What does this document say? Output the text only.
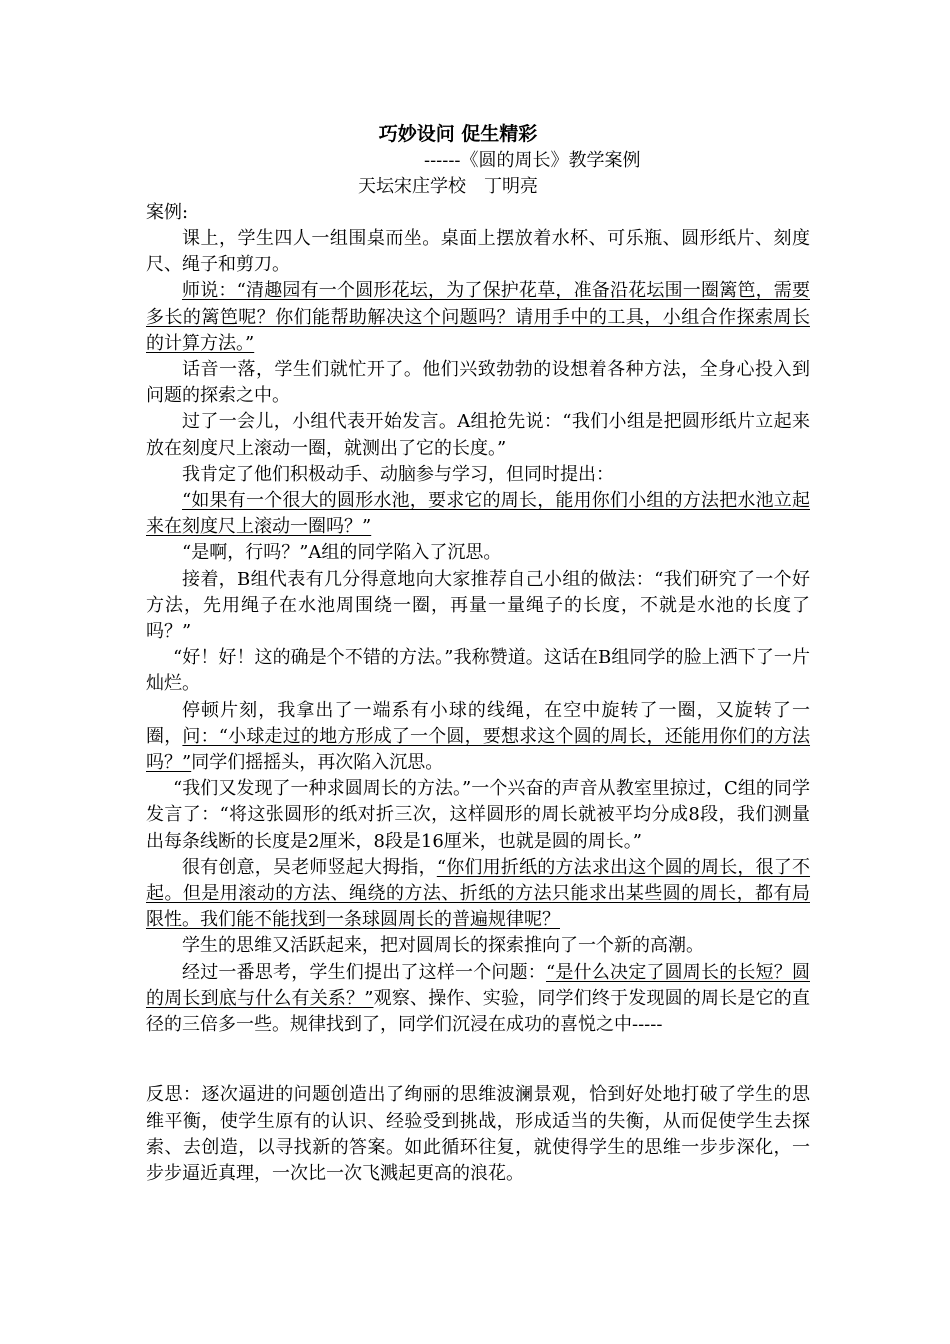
巧妙设问 促生精彩
------《圆的周长》教学案例
天坛宋庄学校　丁明亮
案例:

课上，学生四人一组围桌而坐。桌面上摆放着水杯、可乐瓶、圆形纸片、刻度尺、绳子和剪刀。

师说：“清趣园有一个圆形花坛，为了保护花草，准备沿花坛围一圈篱笆，需要多长的篱笆呢？你们能帮助解决这个问题吗？请用手中的工具，小组合作探索周长的计算方法。”

话音一落，学生们就忙开了。他们兴致勃勃的设想着各种方法，全身心投入到问题的探索之中。

过了一会儿，小组代表开始发言。A组抢先说：“我们小组是把圆形纸片立起来放在刻度尺上滚动一圈，就测出了它的长度。”

我肯定了他们积极动手、动脑参与学习，但同时提出：

“如果有一个很大的圆形水池，要求它的周长，能用你们小组的方法把水池立起来在刻度尺上滚动一圈吗？”

“是啊，行吗？”A组的同学陷入了沉思。

接着，B组代表有几分得意地向大家推荐自己小组的做法：“我们研究了一个好方法，先用绳子在水池周围绕一圈，再量一量绳子的长度，不就是水池的长度了吗？”

“好！好！这的确是个不错的方法。”我称赞道。这话在B组同学的脸上洒下了一片灿烂。

停顿片刻，我拿出了一端系有小球的线绳，在空中旋转了一圈，又旋转了一圈，问：“小球走过的地方形成了一个圆，要想求这个圆的周长，还能用你们的方法吗？”同学们摇摇头，再次陷入沉思。

“我们又发现了一种求圆周长的方法。”一个兴奋的声音从教室里掠过，C组的同学发言了：“将这张圆形的纸对折三次，这样圆形的周长就被平均分成8段，我们测量出每条线断的长度是2厘米，8段是16厘米，也就是圆的周长。”

很有创意，吴老师竖起大拇指，“你们用折纸的方法求出这个圆的周长，很了不起。但是用滚动的方法、绳绕的方法、折纸的方法只能求出某些圆的周长，都有局限性。我们能不能找到一条球圆周长的普遍规律呢？

学生的思维又活跃起来，把对圆周长的探索推向了一个新的高潮。

经过一番思考，学生们提出了这样一个问题：“是什么决定了圆周长的长短？圆的周长到底与什么有关系？”观察、操作、实验，同学们终于发现圆的周长是它的直径的三倍多一些。规律找到了，同学们沉浸在成功的喜悦之中-----

反思：逐次逼进的问题创造出了绚丽的思维波澜景观，恰到好处地打破了学生的思维平衡，使学生原有的认识、经验受到挑战，形成适当的失衡，从而促使学生去探索、去创造，以寻找新的答案。如此循环往复，就使得学生的思维一步步深化，一步步逼近真理，一次比一次飞溅起更高的浪花。
